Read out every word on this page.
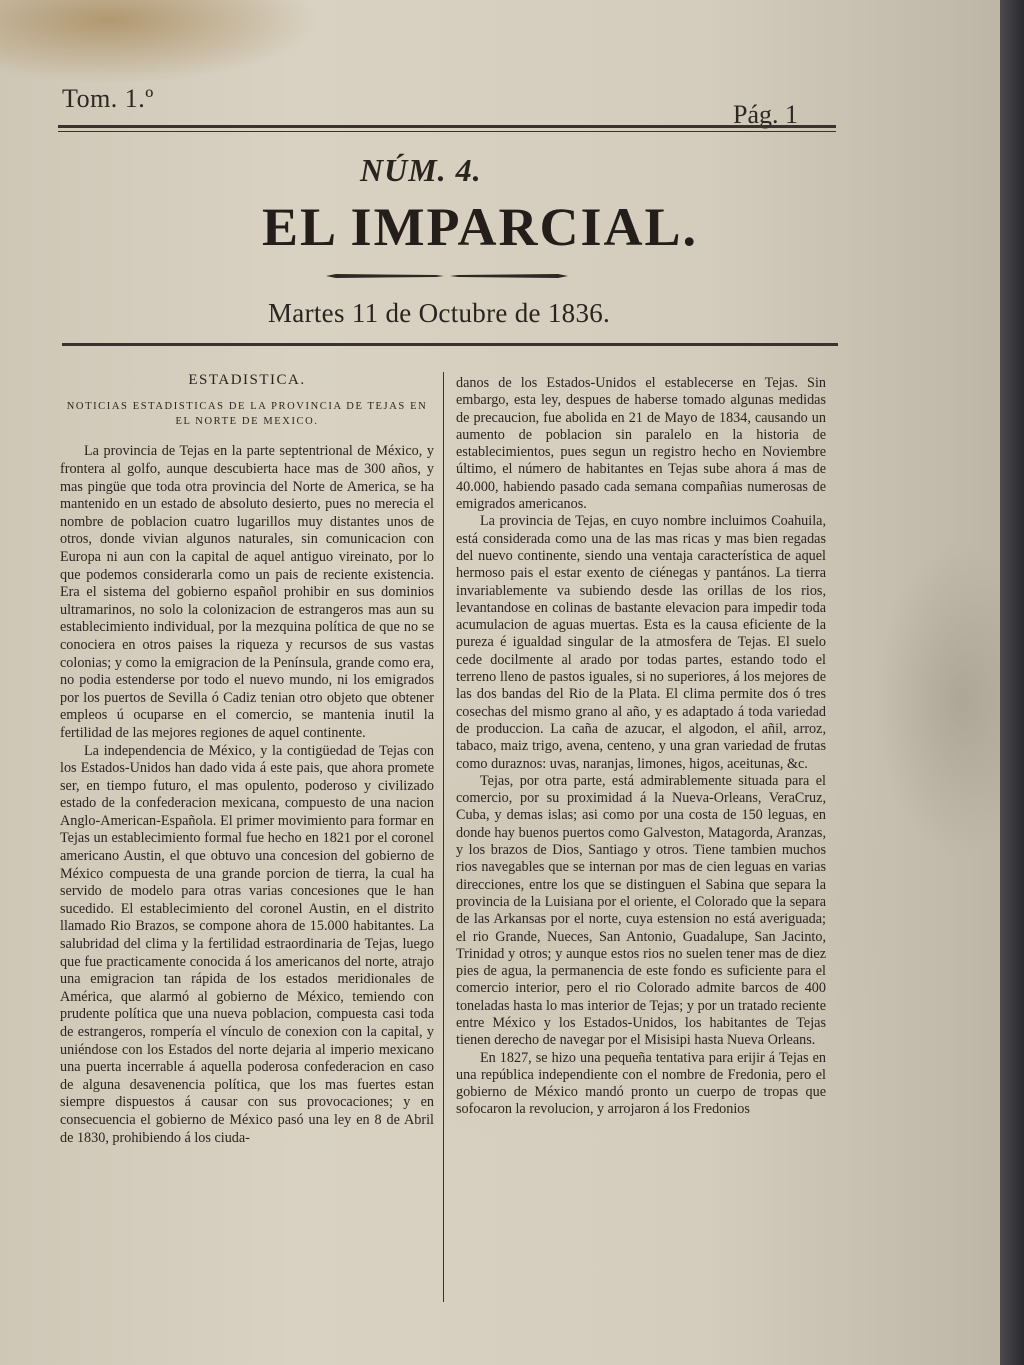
Tom. 1.º
Pág. 1
NÚM. 4.
EL IMPARCIAL.
Martes 11 de Octubre de 1836.
ESTADISTICA.
NOTICIAS ESTADISTICAS DE LA PROVINCIA DE TEJAS EN EL NORTE DE MEXICO.

La provincia de Tejas en la parte septentrional de México, y frontera al golfo, aunque descubierta hace mas de 300 años, y mas pingüe que toda otra provincia del Norte de America, se ha mantenido en un estado de absoluto desierto, pues no merecia el nombre de poblacion cuatro lugarillos muy distantes unos de otros, donde vivian algunos naturales, sin comunicacion con Europa ni aun con la capital de aquel antiguo vireinato, por lo que podemos considerarla como un pais de reciente existencia. Era el sistema del gobierno español prohibir en sus dominios ultramarinos, no solo la colonizacion de estrangeros mas aun su establecimiento individual, por la mezquina política de que no se conociera en otros paises la riqueza y recursos de sus vastas colonias; y como la emigracion de la Península, grande como era, no podia estenderse por todo el nuevo mundo, ni los emigrados por los puertos de Sevilla ó Cadiz tenian otro objeto que obtener empleos ú ocuparse en el comercio, se mantenia inutil la fertilidad de las mejores regiones de aquel continente.

La independencia de México, y la contigüedad de Tejas con los Estados-Unidos han dado vida á este pais, que ahora promete ser, en tiempo futuro, el mas opulento, poderoso y civilizado estado de la confederacion mexicana, compuesto de una nacion Anglo-American-Española. El primer movimiento para formar en Tejas un establecimiento formal fue hecho en 1821 por el coronel americano Austin, el que obtuvo una concesion del gobierno de México compuesta de una grande porcion de tierra, la cual ha servido de modelo para otras varias concesiones que le han sucedido. El establecimiento del coronel Austin, en el distrito llamado Rio Brazos, se compone ahora de 15.000 habitantes. La salubridad del clima y la fertilidad estraordinaria de Tejas, luego que fue practicamente conocida á los americanos del norte, atrajo una emigracion tan rápida de los estados meridionales de América, que alarmó al gobierno de México, temiendo con prudente política que una nueva poblacion, compuesta casi toda de estrangeros, rompería el vínculo de conexion con la capital, y uniéndose con los Estados del norte dejaria al imperio mexicano una puerta incerrable á aquella poderosa confederacion en caso de alguna desavenencia política, que los mas fuertes estan siempre dispuestos á causar con sus provocaciones; y en consecuencia el gobierno de México pasó una ley en 8 de Abril de 1830, prohibiendo á los ciuda-

danos de los Estados-Unidos el establecerse en Tejas. Sin embargo, esta ley, despues de haberse tomado algunas medidas de precaucion, fue abolida en 21 de Mayo de 1834, causando un aumento de poblacion sin paralelo en la historia de establecimientos, pues segun un registro hecho en Noviembre último, el número de habitantes en Tejas sube ahora á mas de 40.000, habiendo pasado cada semana compañias numerosas de emigrados americanos.

La provincia de Tejas, en cuyo nombre incluimos Coahuila, está considerada como una de las mas ricas y mas bien regadas del nuevo continente, siendo una ventaja característica de aquel hermoso pais el estar exento de ciénegas y pantános. La tierra invariablemente va subiendo desde las orillas de los rios, levantandose en colinas de bastante elevacion para impedir toda acumulacion de aguas muertas. Esta es la causa eficiente de la pureza é igualdad singular de la atmosfera de Tejas. El suelo cede docilmente al arado por todas partes, estando todo el terreno lleno de pastos iguales, si no superiores, á los mejores de las dos bandas del Rio de la Plata. El clima permite dos ó tres cosechas del mismo grano al año, y es adaptado á toda variedad de produccion. La caña de azucar, el algodon, el añil, arroz, tabaco, maiz trigo, avena, centeno, y una gran variedad de frutas como duraznos: uvas, naranjas, limones, higos, aceitunas, &c.

Tejas, por otra parte, está admirablemente situada para el comercio, por su proximidad á la Nueva-Orleans, VeraCruz, Cuba, y demas islas; asi como por una costa de 150 leguas, en donde hay buenos puertos como Galveston, Matagorda, Aranzas, y los brazos de Dios, Santiago y otros. Tiene tambien muchos rios navegables que se internan por mas de cien leguas en varias direcciones, entre los que se distinguen el Sabina que separa la provincia de la Luisiana por el oriente, el Colorado que la separa de las Arkansas por el norte, cuya estension no está averiguada; el rio Grande, Nueces, San Antonio, Guadalupe, San Jacinto, Trinidad y otros; y aunque estos rios no suelen tener mas de diez pies de agua, la permanencia de este fondo es suficiente para el comercio interior, pero el rio Colorado admite barcos de 400 toneladas hasta lo mas interior de Tejas; y por un tratado reciente entre México y los Estados-Unidos, los habitantes de Tejas tienen derecho de navegar por el Misisipi hasta Nueva Orleans.

En 1827, se hizo una pequeña tentativa para erijir á Tejas en una república independiente con el nombre de Fredonia, pero el gobierno de México mandó pronto un cuerpo de tropas que sofocaron la revolucion, y arrojaron á los Fredonios
